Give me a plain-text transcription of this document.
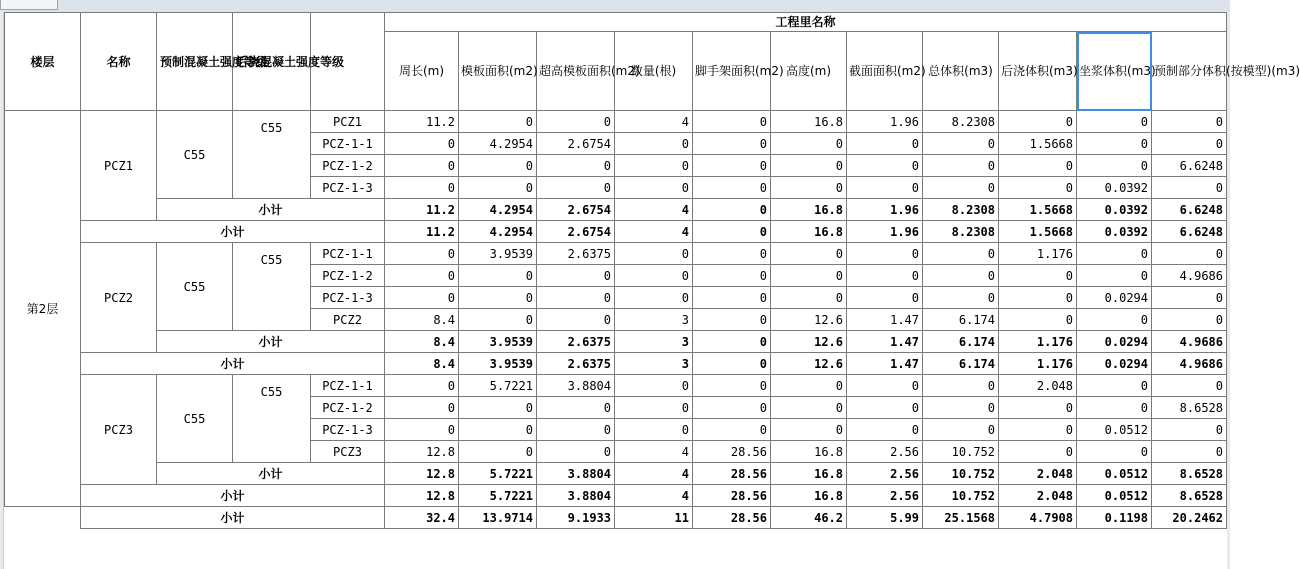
楼层	名称	预制混凝土强度等级	后浇混凝土强度等级		工程里名称										
					周长(m)	模板面积(m2)	超高模板面积(m2)	数量(根)	脚手架面积(m2)	高度(m)	截面面积(m2)	总体积(m3)	后浇体积(m3)	坐浆体积(m3)	预制部分体积(按模型)(m3)
第2层	PCZ1	C55	C55	PCZ1	11.2	0	0	4	0	16.8	1.96	8.2308	0	0	0
				PCZ-1-1	0	4.2954	2.6754	0	0	0	0	0	1.5668	0	0
				PCZ-1-2	0	0	0	0	0	0	0	0	0	0	6.6248
				PCZ-1-3	0	0	0	0	0	0	0	0	0	0.0392	0
		小计			11.2	4.2954	2.6754	4	0	16.8	1.96	8.2308	1.5668	0.0392	6.6248
	小计				11.2	4.2954	2.6754	4	0	16.8	1.96	8.2308	1.5668	0.0392	6.6248
	PCZ2	C55	C55	PCZ-1-1	0	3.9539	2.6375	0	0	0	0	0	1.176	0	0
				PCZ-1-2	0	0	0	0	0	0	0	0	0	0	4.9686
				PCZ-1-3	0	0	0	0	0	0	0	0	0	0.0294	0
				PCZ2	8.4	0	0	3	0	12.6	1.47	6.174	0	0	0
		小计			8.4	3.9539	2.6375	3	0	12.6	1.47	6.174	1.176	0.0294	4.9686
	小计				8.4	3.9539	2.6375	3	0	12.6	1.47	6.174	1.176	0.0294	4.9686
	PCZ3	C55	C55	PCZ-1-1	0	5.7221	3.8804	0	0	0	0	0	2.048	0	0
				PCZ-1-2	0	0	0	0	0	0	0	0	0	0	8.6528
				PCZ-1-3	0	0	0	0	0	0	0	0	0	0.0512	0
				PCZ3	12.8	0	0	4	28.56	16.8	2.56	10.752	0	0	0
		小计			12.8	5.7221	3.8804	4	28.56	16.8	2.56	10.752	2.048	0.0512	8.6528
	小计				12.8	5.7221	3.8804	4	28.56	16.8	2.56	10.752	2.048	0.0512	8.6528
	小计				32.4	13.9714	9.1933	11	28.56	46.2	5.99	25.1568	4.7908	0.1198	20.2462
